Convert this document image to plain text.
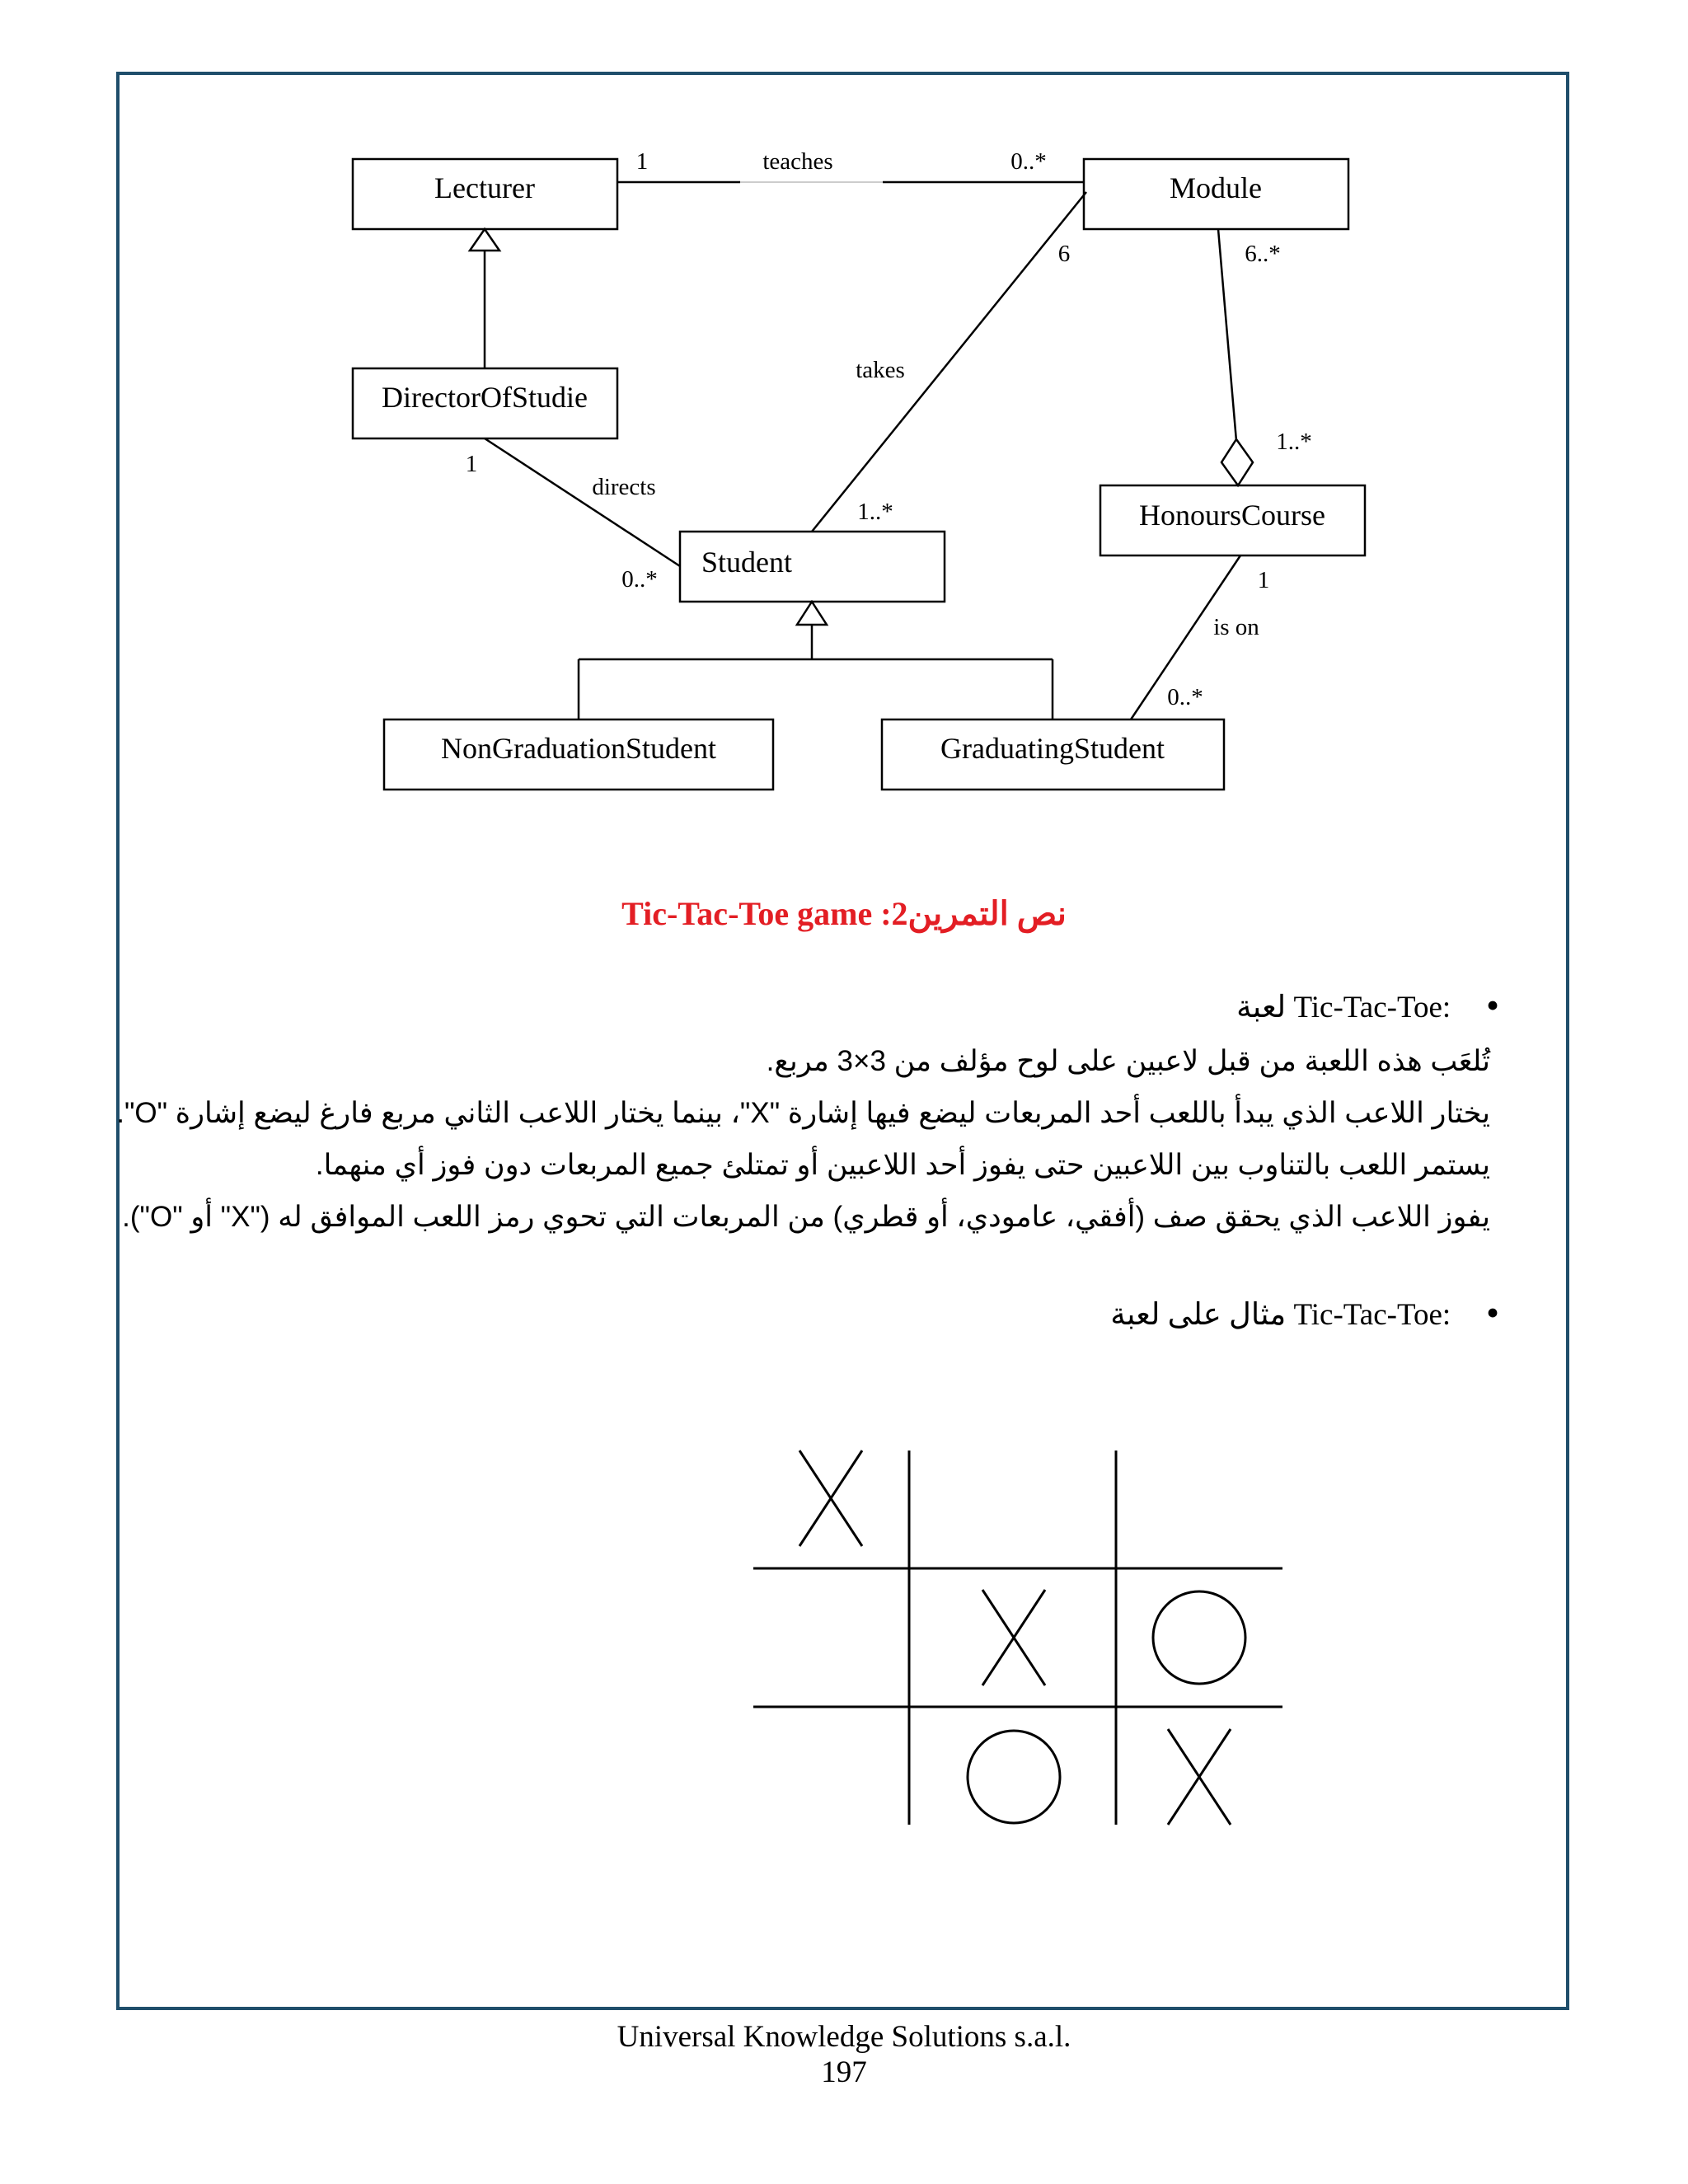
Lecturer	Module
DirectorOfStudie
Student
HonoursCourse
NonGraduationStudent	GraduatingStudent
teaches
1	0..*
takes
6
1..*
6..*
1..*
directs
1
0..*
is on
1
0..*
نص التمرين2: Tic-Tac-Toe game
•:Tic-Tac-Toe لعبة
تُلعَب هذه اللعبة من قبل لاعبين على لوح مؤلف من 3×3 مربع.
يختار اللاعب الذي يبدأ باللعب أحد المربعات ليضع فيها إشارة "X"، بينما يختار اللاعب الثاني مربع فارغ ليضع إشارة "O".
يستمر اللعب بالتناوب بين اللاعبين حتى يفوز أحد اللاعبين أو تمتلئ جميع المربعات دون فوز أي منهما.
يفوز اللاعب الذي يحقق صف (أفقي، عامودي، أو قطري) من المربعات التي تحوي رمز اللعب الموافق له ("X" أو "O").
•:Tic-Tac-Toe مثال على لعبة
Universal Knowledge Solutions s.a.l.
197
